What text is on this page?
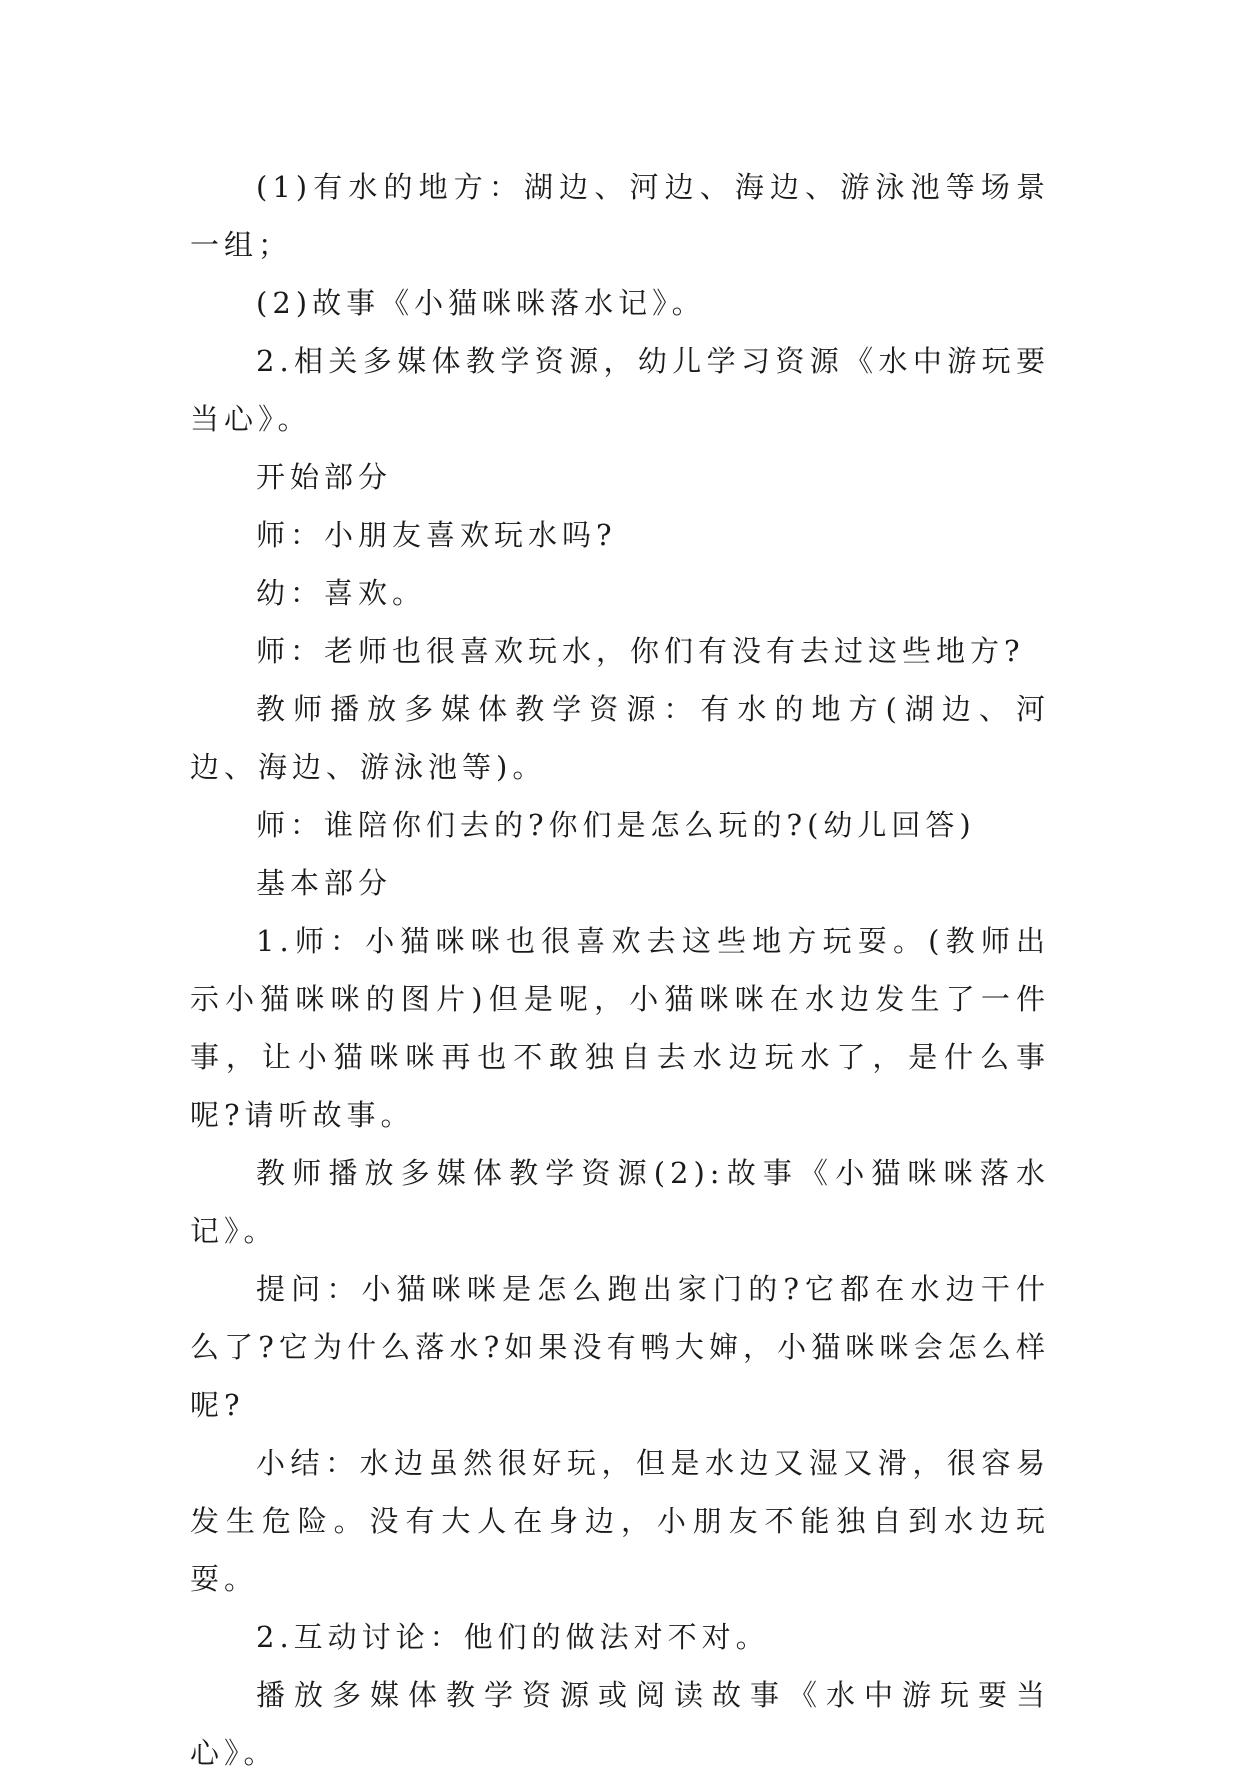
(1)有水的地方：湖边、河边、海边、游泳池等场景一组；

(2)故事《小猫咪咪落水记》。

2.相关多媒体教学资源，幼儿学习资源《水中游玩要当心》。

开始部分

师：小朋友喜欢玩水吗?

幼：喜欢。

师：老师也很喜欢玩水，你们有没有去过这些地方?

教师播放多媒体教学资源：有水的地方(湖边、河边、海边、游泳池等)。

师：谁陪你们去的?你们是怎么玩的?(幼儿回答)

基本部分

1.师：小猫咪咪也很喜欢去这些地方玩耍。(教师出示小猫咪咪的图片)但是呢，小猫咪咪在水边发生了一件事，让小猫咪咪再也不敢独自去水边玩水了，是什么事呢?请听故事。

教师播放多媒体教学资源(2):故事《小猫咪咪落水记》。

提问：小猫咪咪是怎么跑出家门的?它都在水边干什么了?它为什么落水?如果没有鸭大婶，小猫咪咪会怎么样呢?

小结：水边虽然很好玩，但是水边又湿又滑，很容易发生危险。没有大人在身边，小朋友不能独自到水边玩耍。

2.互动讨论：他们的做法对不对。

播放多媒体教学资源或阅读故事《水中游玩要当心》。
